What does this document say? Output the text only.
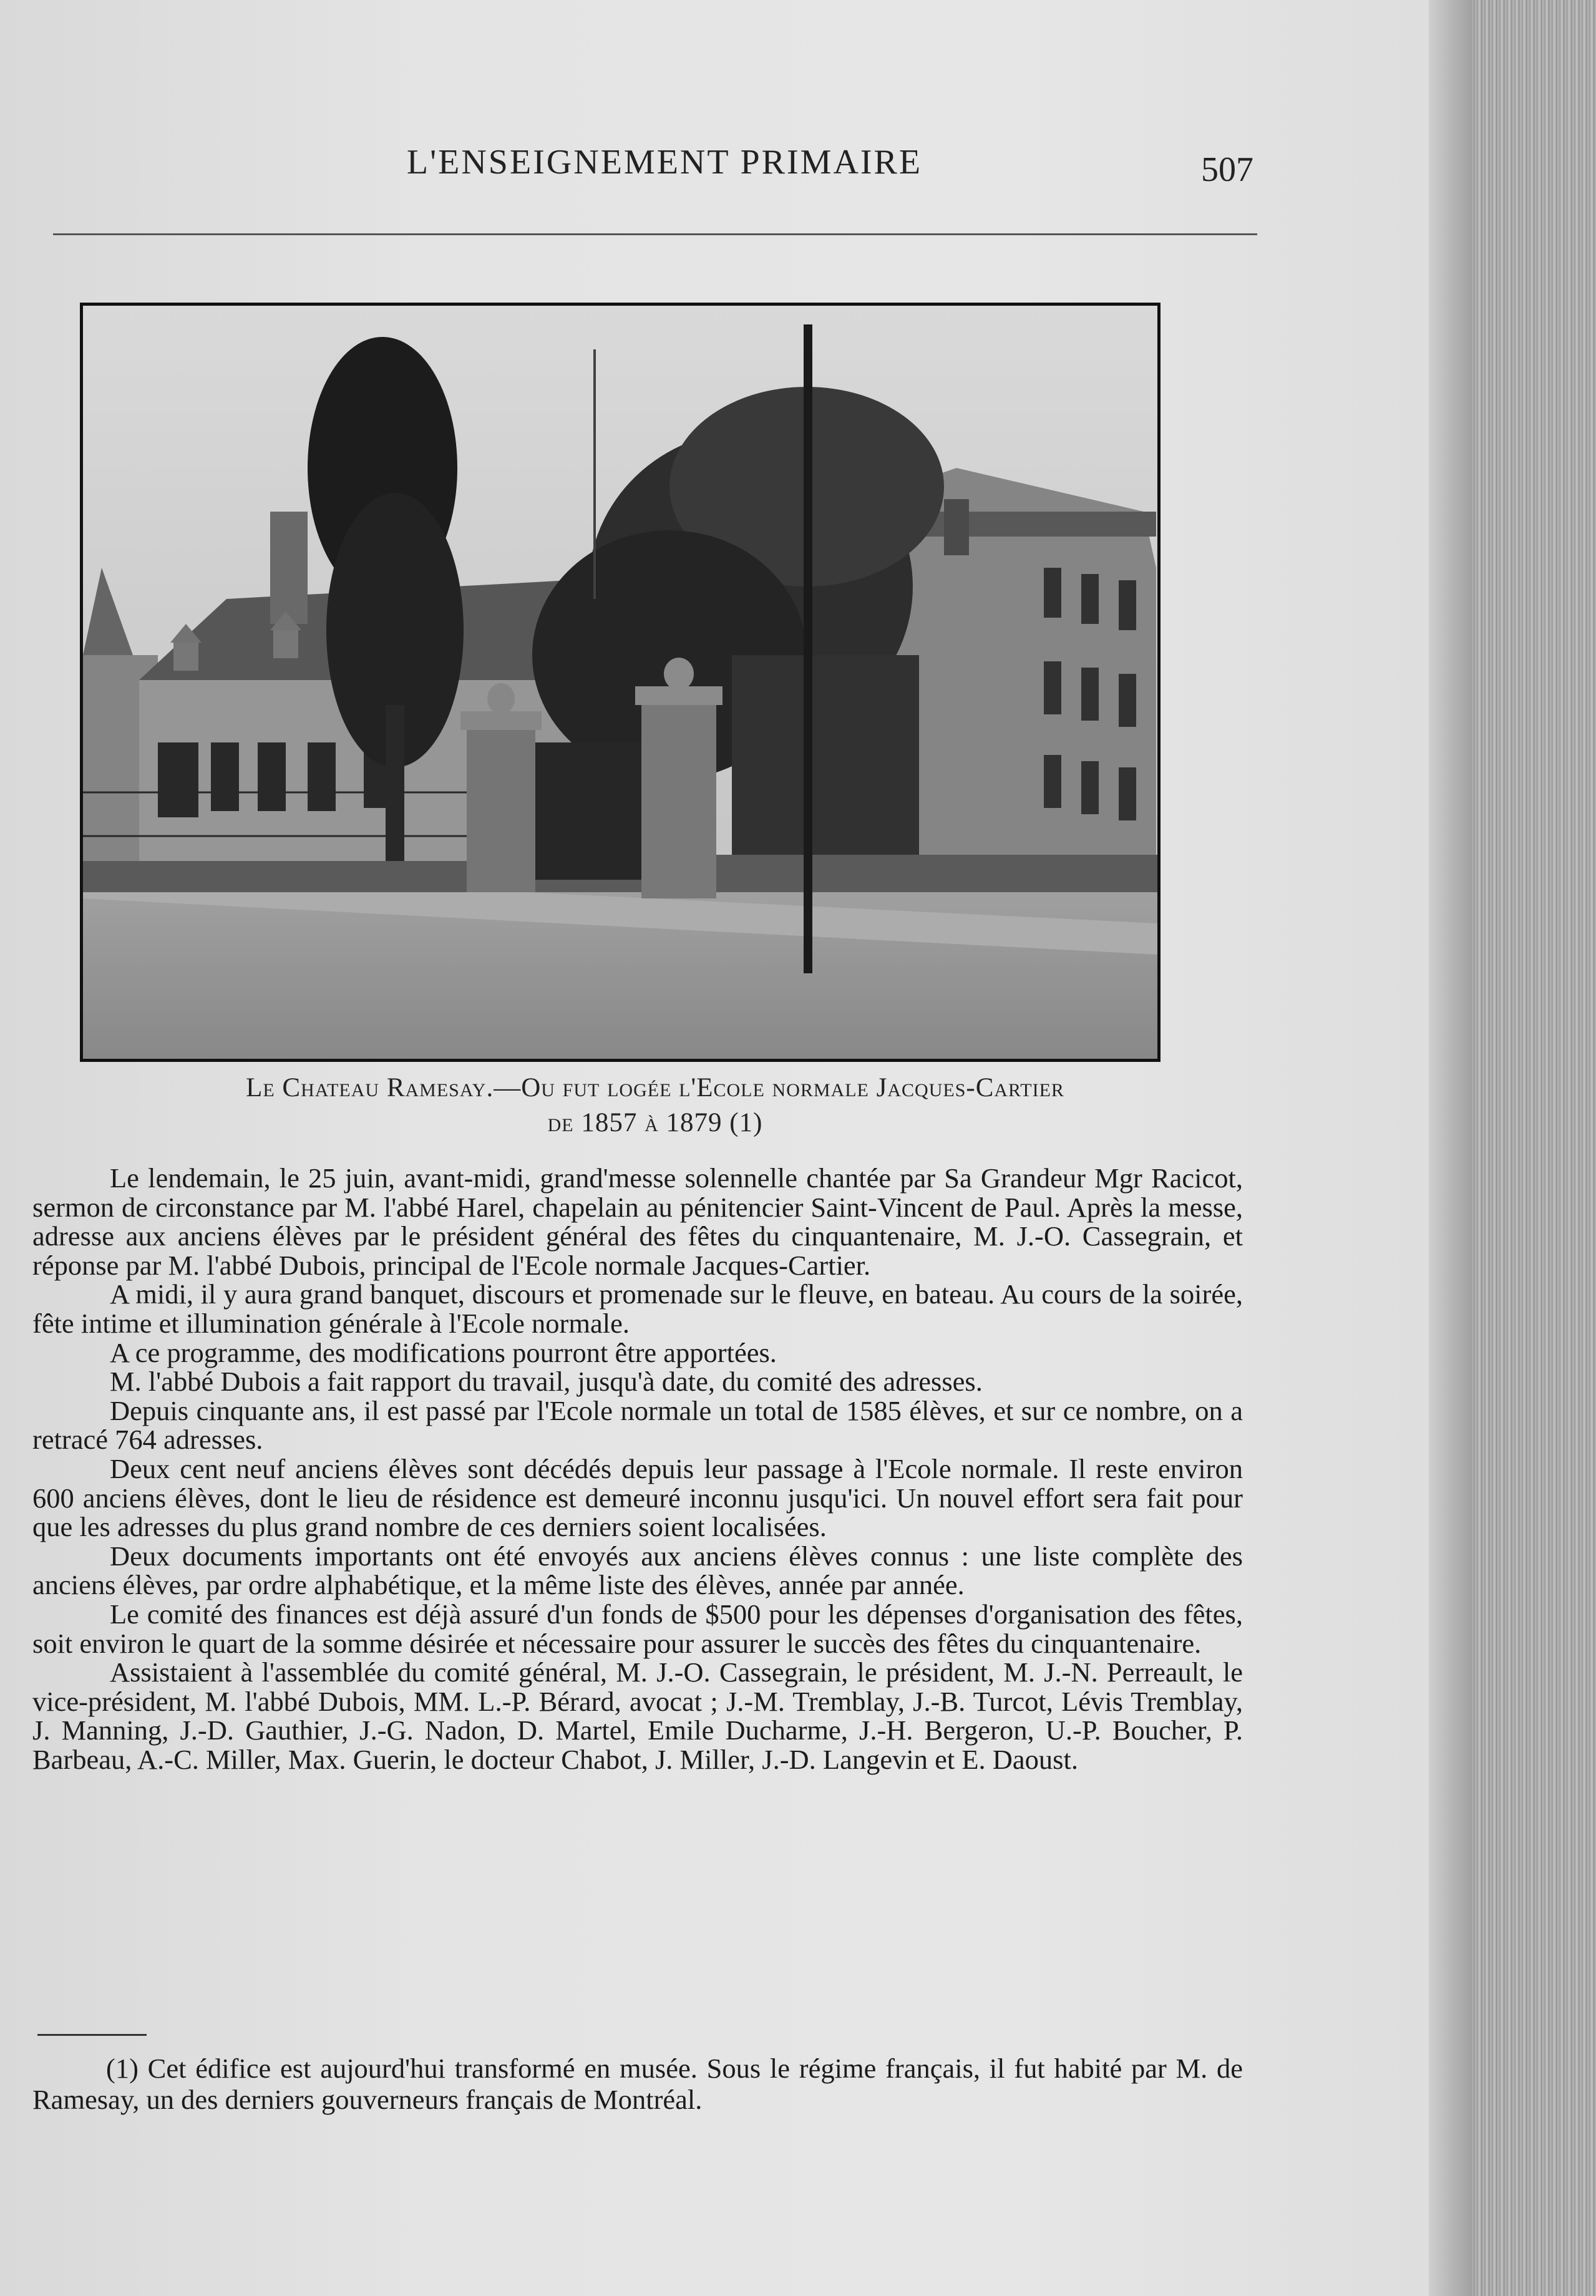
L'ENSEIGNEMENT PRIMAIRE	507
Le Chateau Ramesay.—Ou fut logée l'Ecole normale Jacques-Cartier
de 1857 à 1879 (1)

Le lendemain, le 25 juin, avant-midi, grand'messe solennelle chantée par Sa Grandeur Mgr Racicot, sermon de circonstance par M. l'abbé Harel, chapelain au pénitencier Saint-Vincent de Paul. Après la messe, adresse aux anciens élèves par le président général des fêtes du cinquantenaire, M. J.-O. Cassegrain, et réponse par M. l'abbé Dubois, principal de l'Ecole normale Jacques-Cartier.

A midi, il y aura grand banquet, discours et promenade sur le fleuve, en bateau. Au cours de la soirée, fête intime et illumination générale à l'Ecole normale.

A ce programme, des modifications pourront être apportées.

M. l'abbé Dubois a fait rapport du travail, jusqu'à date, du comité des adresses.

Depuis cinquante ans, il est passé par l'Ecole normale un total de 1585 élèves, et sur ce nombre, on a retracé 764 adresses.

Deux cent neuf anciens élèves sont décédés depuis leur passage à l'Ecole normale. Il reste environ 600 anciens élèves, dont le lieu de résidence est demeuré inconnu jusqu'ici. Un nouvel effort sera fait pour que les adresses du plus grand nombre de ces derniers soient localisées.

Deux documents importants ont été envoyés aux anciens élèves connus : une liste complète des anciens élèves, par ordre alphabétique, et la même liste des élèves, année par année.

Le comité des finances est déjà assuré d'un fonds de $500 pour les dépenses d'organisation des fêtes, soit environ le quart de la somme désirée et nécessaire pour assurer le succès des fêtes du cinquantenaire.

Assistaient à l'assemblée du comité général, M. J.-O. Cassegrain, le président, M. J.-N. Perreault, le vice-président, M. l'abbé Dubois, MM. L.-P. Bérard, avocat ; J.-M. Tremblay, J.-B. Turcot, Lévis Tremblay, J. Manning, J.-D. Gauthier, J.-G. Nadon, D. Martel, Emile Ducharme, J.-H. Bergeron, U.-P. Boucher, P. Barbeau, A.-C. Miller, Max. Guerin, le docteur Chabot, J. Miller, J.-D. Langevin et E. Daoust.

(1) Cet édifice est aujourd'hui transformé en musée. Sous le régime français, il fut habité par M. de Ramesay, un des derniers gouverneurs français de Montréal.
